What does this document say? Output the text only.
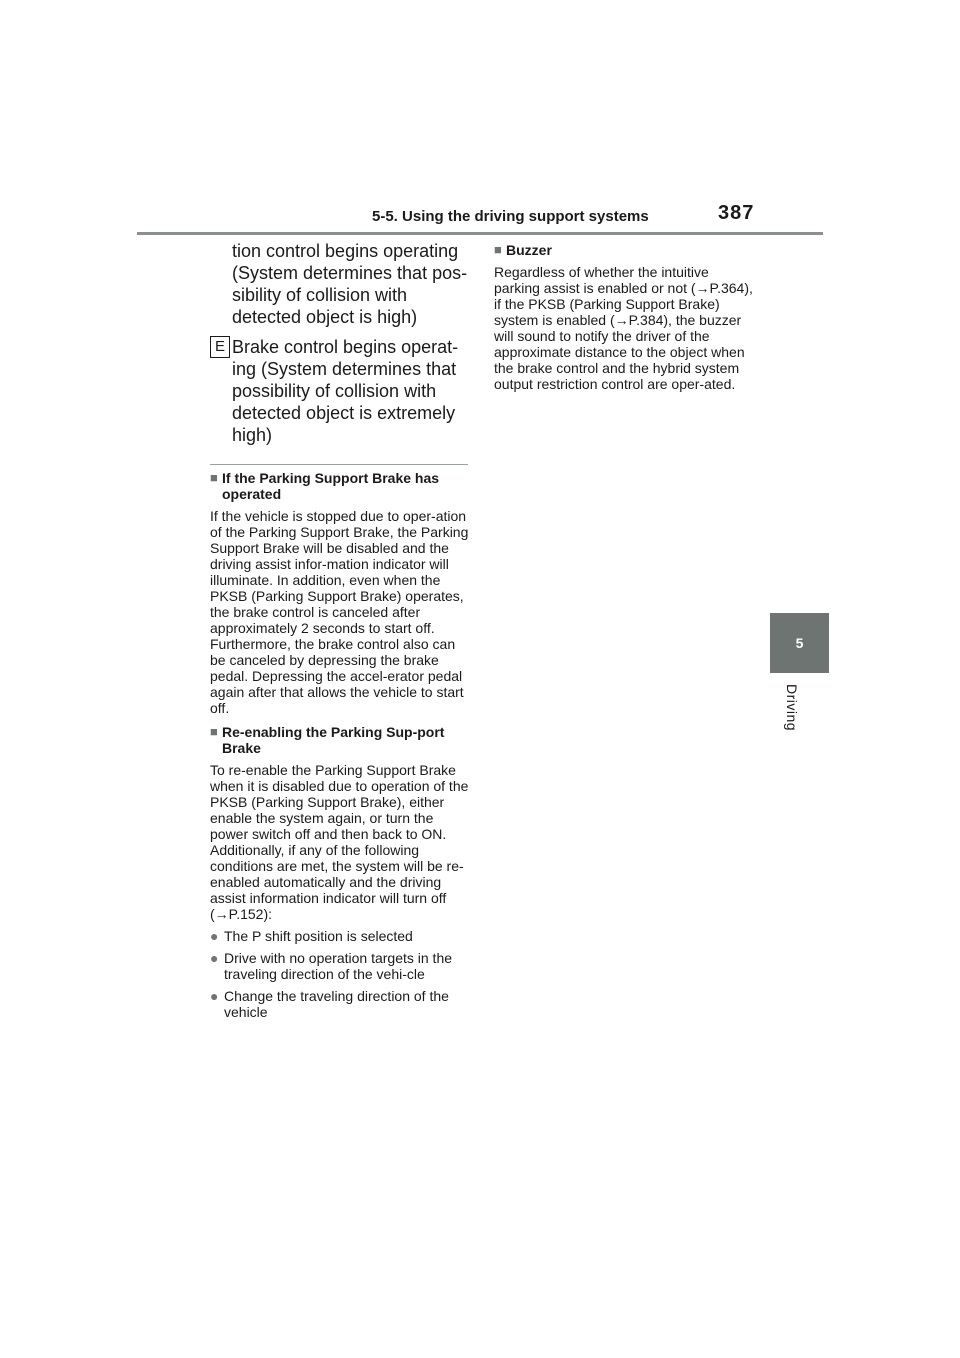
5-5. Using the driving support systems	387
5
Driving
tion control begins operating (System determines that pos-sibility of collision with detected object is high)
E Brake control begins operat-ing (System determines that possibility of collision with detected object is extremely high)
■ If the Parking Support Brake has operated
If the vehicle is stopped due to oper-ation of the Parking Support Brake, the Parking Support Brake will be disabled and the driving assist infor-mation indicator will illuminate. In addition, even when the PKSB (Parking Support Brake) operates, the brake control is canceled after approximately 2 seconds to start off. Furthermore, the brake control also can be canceled by depressing the brake pedal. Depressing the accel-erator pedal again after that allows the vehicle to start off.
■ Re-enabling the Parking Sup-port Brake
To re-enable the Parking Support Brake when it is disabled due to operation of the PKSB (Parking Support Brake), either enable the system again, or turn the power switch off and then back to ON. Additionally, if any of the following conditions are met, the system will be re-enabled automatically and the driving assist information indicator will turn off (→P.152):
● The P shift position is selected
● Drive with no operation targets in the traveling direction of the vehi-cle
● Change the traveling direction of the vehicle
■ Buzzer
Regardless of whether the intuitive parking assist is enabled or not (→P.364), if the PKSB (Parking Support Brake) system is enabled (→P.384), the buzzer will sound to notify the driver of the approximate distance to the object when the brake control and the hybrid system output restriction control are oper-ated.
